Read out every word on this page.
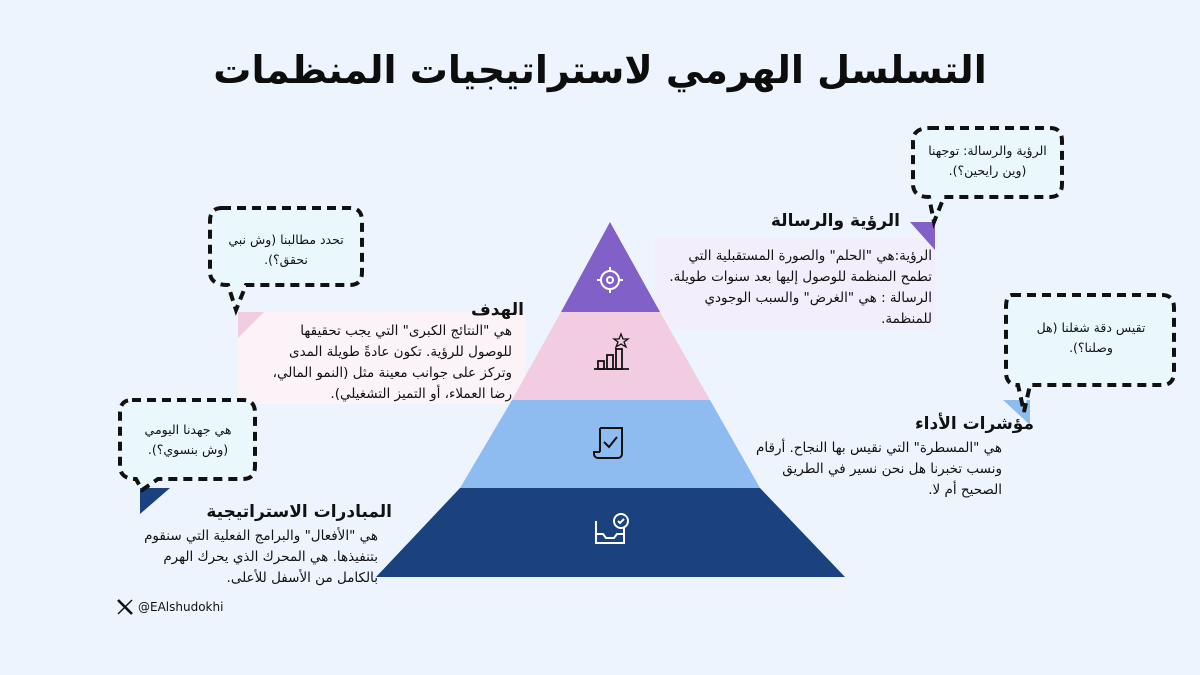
التسلسل الهرمي لاستراتيجيات المنظمات
الرؤية والرسالة: توجهنا
(وين رايحين؟).
تحدد مطالبنا (وش نبي
نحقق؟).
تقيس دقة شغلنا (هل
وصلنا؟).
هي جهدنا اليومي
(وش بنسوي؟).
الرؤية والرسالة
الرؤية:هي "الحلم" والصورة المستقبلية التي
تطمح المنظمة للوصول إليها بعد سنوات طويلة.
الرسالة : هي "الغرض" والسبب الوجودي
للمنظمة.
الهدف
هي "النتائج الكبرى" التي يجب تحقيقها
للوصول للرؤية. تكون عادةً طويلة المدى
وتركز على جوانب معينة مثل (النمو المالي،
رضا العملاء، أو التميز التشغيلي).
مؤشرات الأداء
هي "المسطرة" التي نقيس بها النجاح. أرقام
ونسب تخبرنا هل نحن نسير في الطريق
الصحيح أم لا.
المبادرات الاستراتيجية
هي "الأفعال" والبرامج الفعلية التي سنقوم
بتنفيذها. هي المحرك الذي يحرك الهرم
بالكامل من الأسفل للأعلى.
@EAlshudokhi
